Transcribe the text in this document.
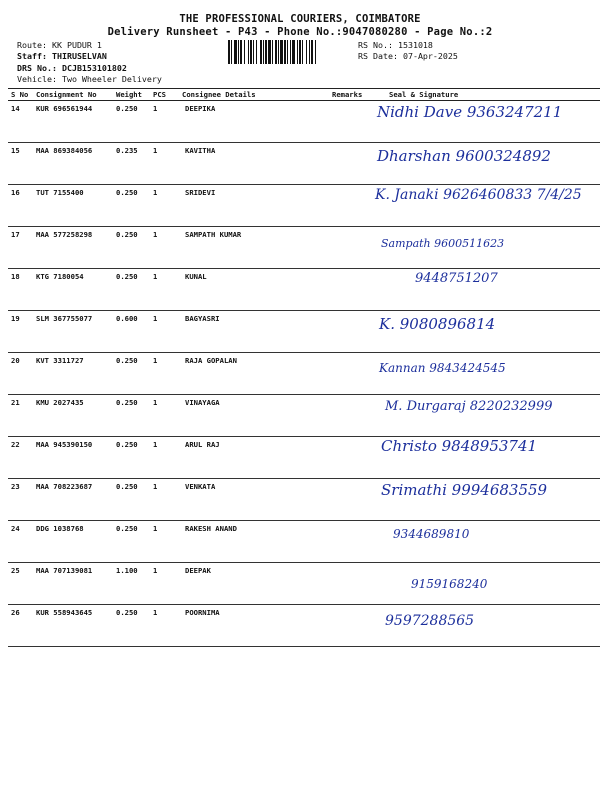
THE PROFESSIONAL COURIERS, COIMBATORE
Delivery Runsheet - P43 - Phone No.:9047080280 - Page No.:2
Route: KK PUDUR 1
Staff: THIRUSELVAN
DRS No.: DCJB153101802
Vehicle: Two Wheeler Delivery
RS No.: 1531018
RS Date: 07-Apr-2025
S No	Consignment No	Weight	PCS	Consignee Details	Remarks	Seal & Signature
14	KUR 696561944	0.250	1	DEEPIKA		Nidhi Dave 9363247211

15	MAA 869384056	0.235	1	KAVITHA		Dharshan 9600324892

16	TUT 7155400	0.250	1	SRIDEVI		K. Janaki 9626460833 7/4/25

17	MAA 577258298	0.250	1	SAMPATH KUMAR		Sampath 9600511623

18	KTG 7180054	0.250	1	KUNAL		9448751207

19	SLM 367755077	0.600	1	BAGYASRI		K. 9080896814

20	KVT 3311727	0.250	1	RAJA GOPALAN		Kannan 9843424545

21	KMU 2027435	0.250	1	VINAYAGA		M. Durgaraj 8220232999

22	MAA 945390150	0.250	1	ARUL RAJ		Christo 9848953741

23	MAA 708223687	0.250	1	VENKATA		Srimathi 9994683559

24	DDG 1038768	0.250	1	RAKESH ANAND		9344689810

25	MAA 707139081	1.100	1	DEEPAK		9159168240

26	KUR 558943645	0.250	1	POORNIMA		9597288565
